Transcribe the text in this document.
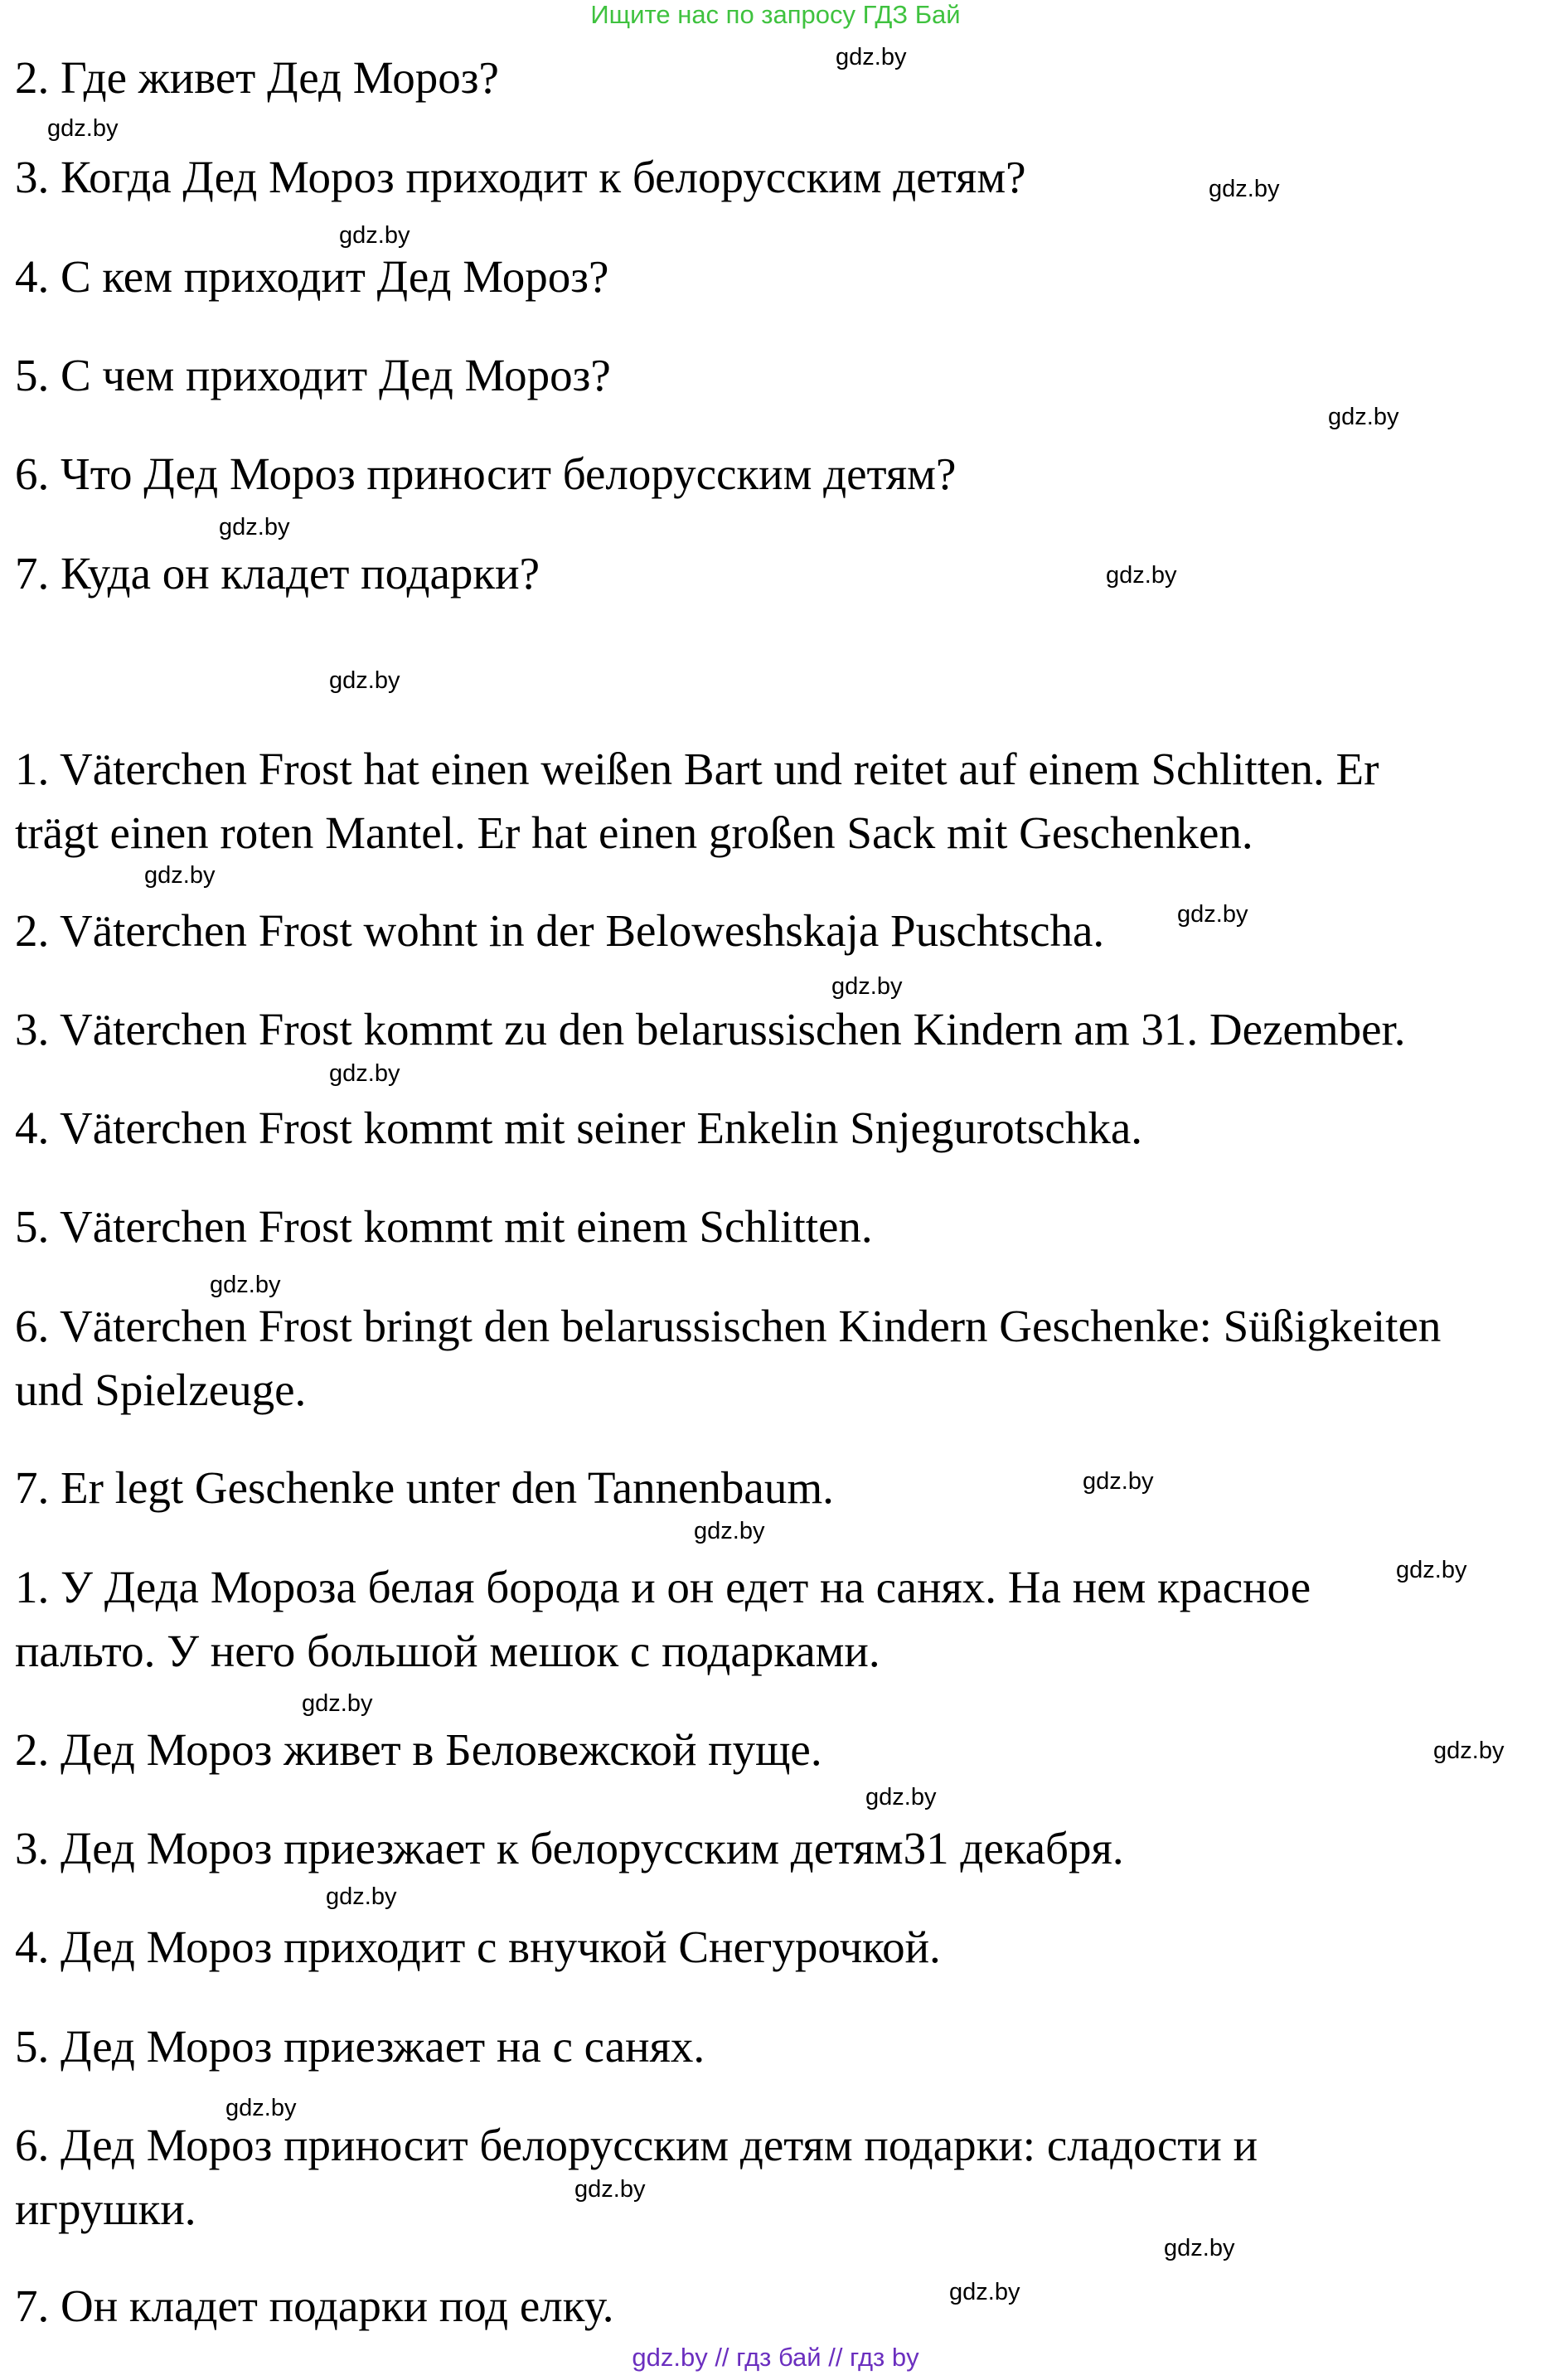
Ищите нас по запросу ГДЗ Бай
2. Где живет Дед Мороз?
3. Когда Дед Мороз приходит к белорусским детям?
4. С кем приходит Дед Мороз?
5. С чем приходит Дед Мороз?
6. Что Дед Мороз приносит белорусским детям?
7. Куда он кладет подарки?
1. Väterchen Frost hat einen weißen Bart und reitet auf einem Schlitten. Er
trägt einen roten Mantel. Er hat einen großen Sack mit Geschenken.
2. Väterchen Frost wohnt in der Beloweshskaja Puschtscha.
3. Väterchen Frost kommt zu den belarussischen Kindern am 31. Dezember.
4. Väterchen Frost kommt mit seiner Enkelin Snjegurotschka.
5. Väterchen Frost kommt mit einem Schlitten.
6. Väterchen Frost bringt den belarussischen Kindern Geschenke: Süßigkeiten
und Spielzeuge.
7. Er legt Geschenke unter den Tannenbaum.
1. У Деда Мороза белая борода и он едет на санях. На нем красное
пальто. У него большой мешок с подарками.
2. Дед Мороз живет в Беловежской пуще.
3. Дед Мороз приезжает к белорусским детям31 декабря.
4. Дед Мороз приходит с внучкой Снегурочкой.
5. Дед Мороз приезжает на с санях.
6. Дед Мороз приносит белорусским детям подарки: сладости и
игрушки.
7. Он кладет подарки под елку.
gdz.by
gdz.by
gdz.by
gdz.by
gdz.by
gdz.by
gdz.by
gdz.by
gdz.by
gdz.by
gdz.by
gdz.by
gdz.by
gdz.by
gdz.by
gdz.by
gdz.by
gdz.by
gdz.by
gdz.by
gdz.by
gdz.by
gdz.by
gdz.by
gdz.by // гдз бай // гдз by
